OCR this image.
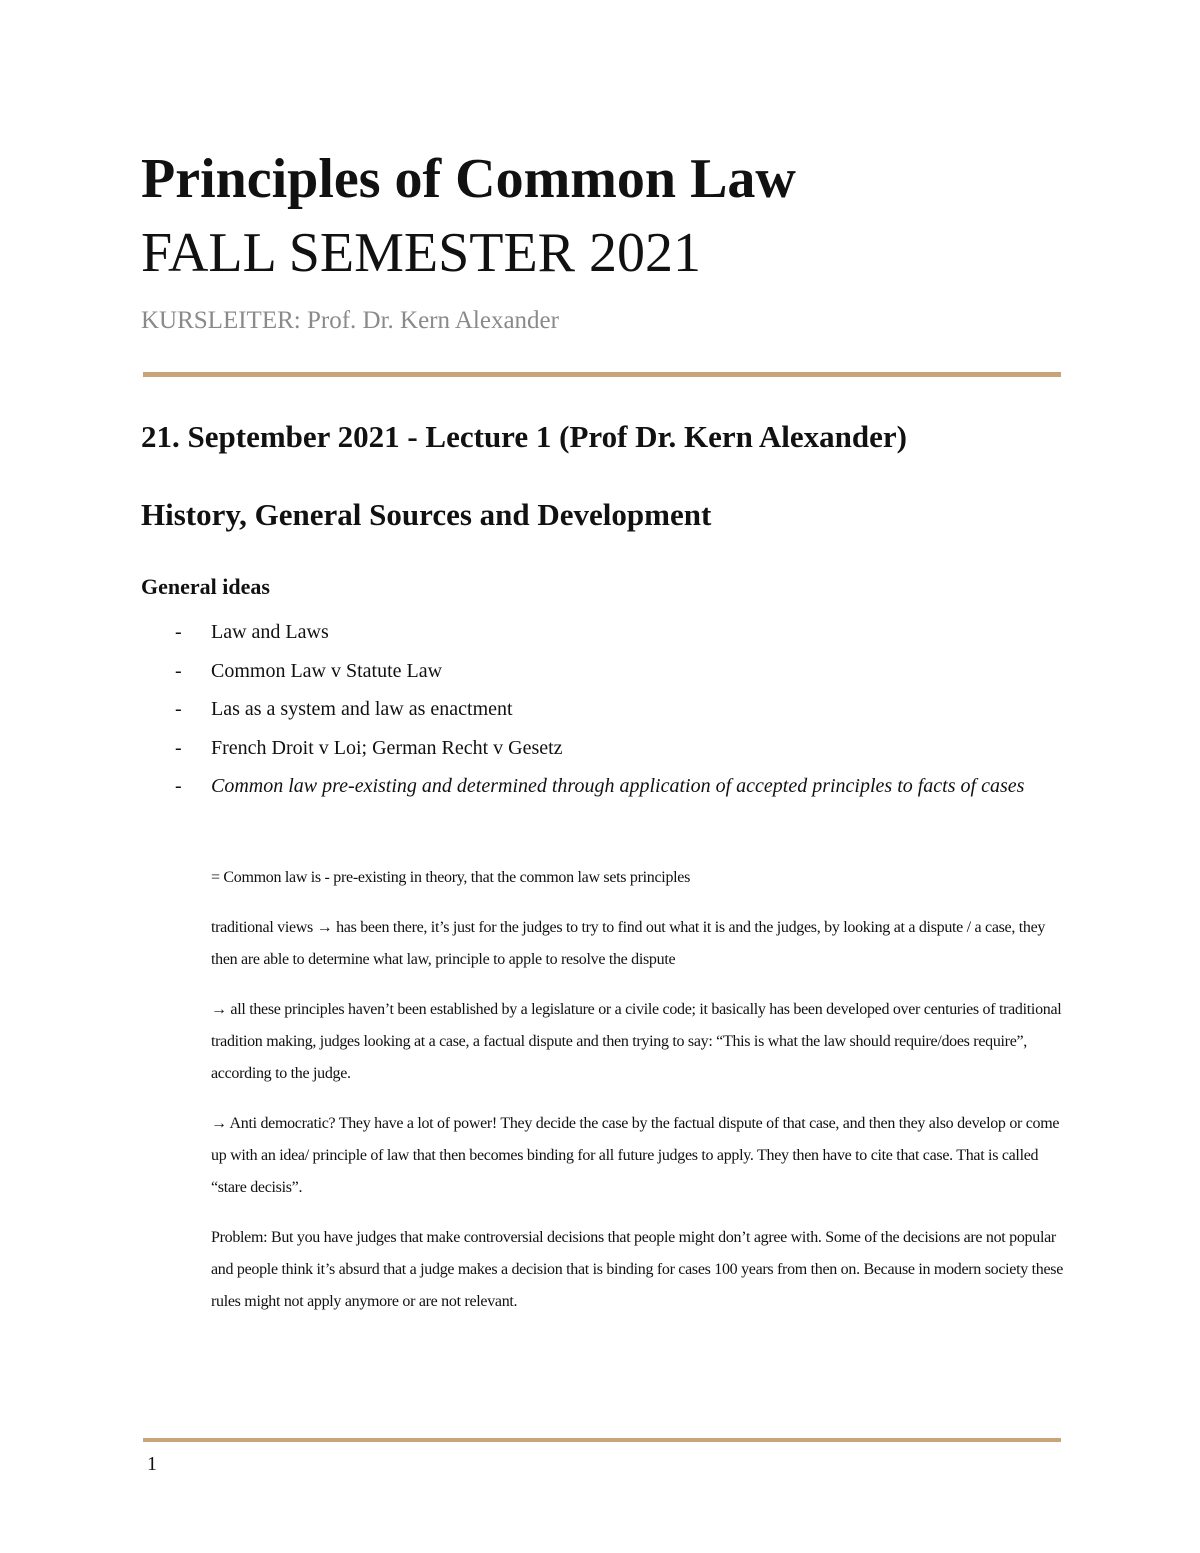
Principles of Common Law
FALL SEMESTER 2021

KURSLEITER: Prof. Dr. Kern Alexander

21. September 2021 - Lecture 1 (Prof Dr. Kern Alexander)
History, General Sources and Development
General ideas
- Law and Laws
- Common Law v Statute Law
- Las as a system and law as enactment
- French Droit v Loi; German Recht v Gesetz
- Common law pre-existing and determined through application of accepted principles to facts of cases

= Common law is - pre-existing in theory, that the common law sets principles

traditional views → has been there, it’s just for the judges to try to find out what it is and the judges, by looking at a dispute / a case, they then are able to determine what law, principle to apple to resolve the dispute

→ all these principles haven’t been established by a legislature or a civile code; it basically has been developed over centuries of traditional tradition making, judges looking at a case, a factual dispute and then trying to say: “This is what the law should require/does require”, according to the judge.

→ Anti democratic? They have a lot of power! They decide the case by the factual dispute of that case, and then they also develop or come up with an idea/ principle of law that then becomes binding for all future judges to apply. They then have to cite that case. That is called “stare decisis”.

Problem: But you have judges that make controversial decisions that people might don’t agree with. Some of the decisions are not popular and people think it’s absurd that a judge makes a decision that is binding for cases 100 years from then on. Because in modern society these rules might not apply anymore or are not relevant.

1
